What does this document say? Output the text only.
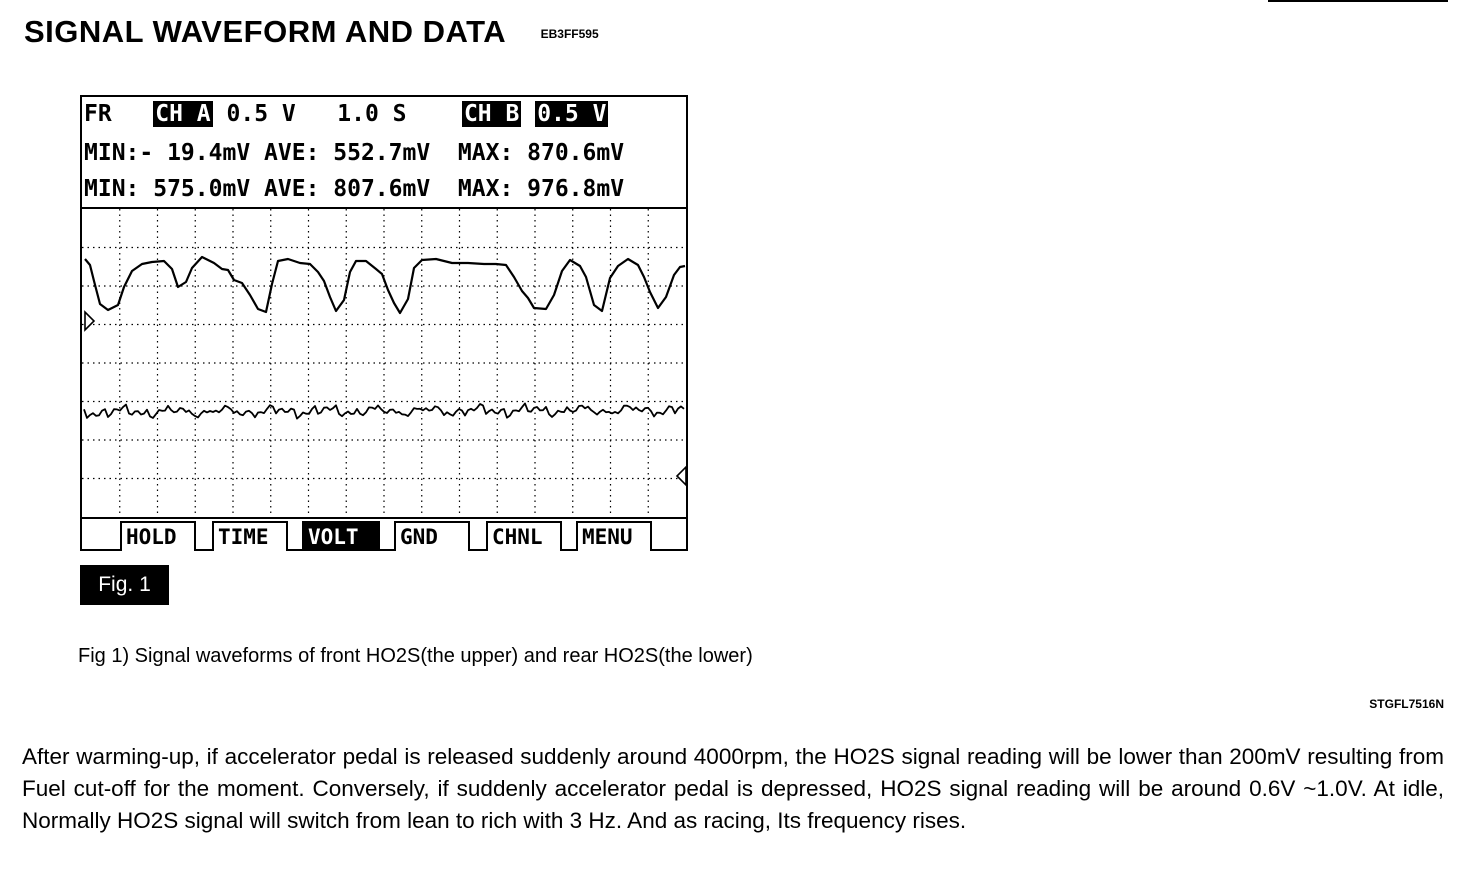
SIGNAL WAVEFORM AND DATA	$^{EB3FF595}$
FR CH A 0.5 V 1.0 S CH B 0.5 V
MIN:- 19.4mV AVE: 552.7mV MAX: 870.6mV
MIN: 575.0mV AVE: 807.6mV MAX: 976.8mV
HOLD	TIME	VOLT	GND	CHNL	MENU
Fig. 1
Fig 1) Signal waveforms of front HO2S(the upper) and rear HO2S(the lower)
STGFL7516N
After warming-up, if accelerator pedal is released suddenly around 4000rpm, the HO2S signal reading will be lower than 200mV resulting from Fuel cut-off for the moment. Conversely, if suddenly accelerator pedal is depressed, HO2S signal reading will be around 0.6V ~1.0V. At idle, Normally HO2S signal will switch from lean to rich with 3 Hz. And as racing, Its frequency rises.
